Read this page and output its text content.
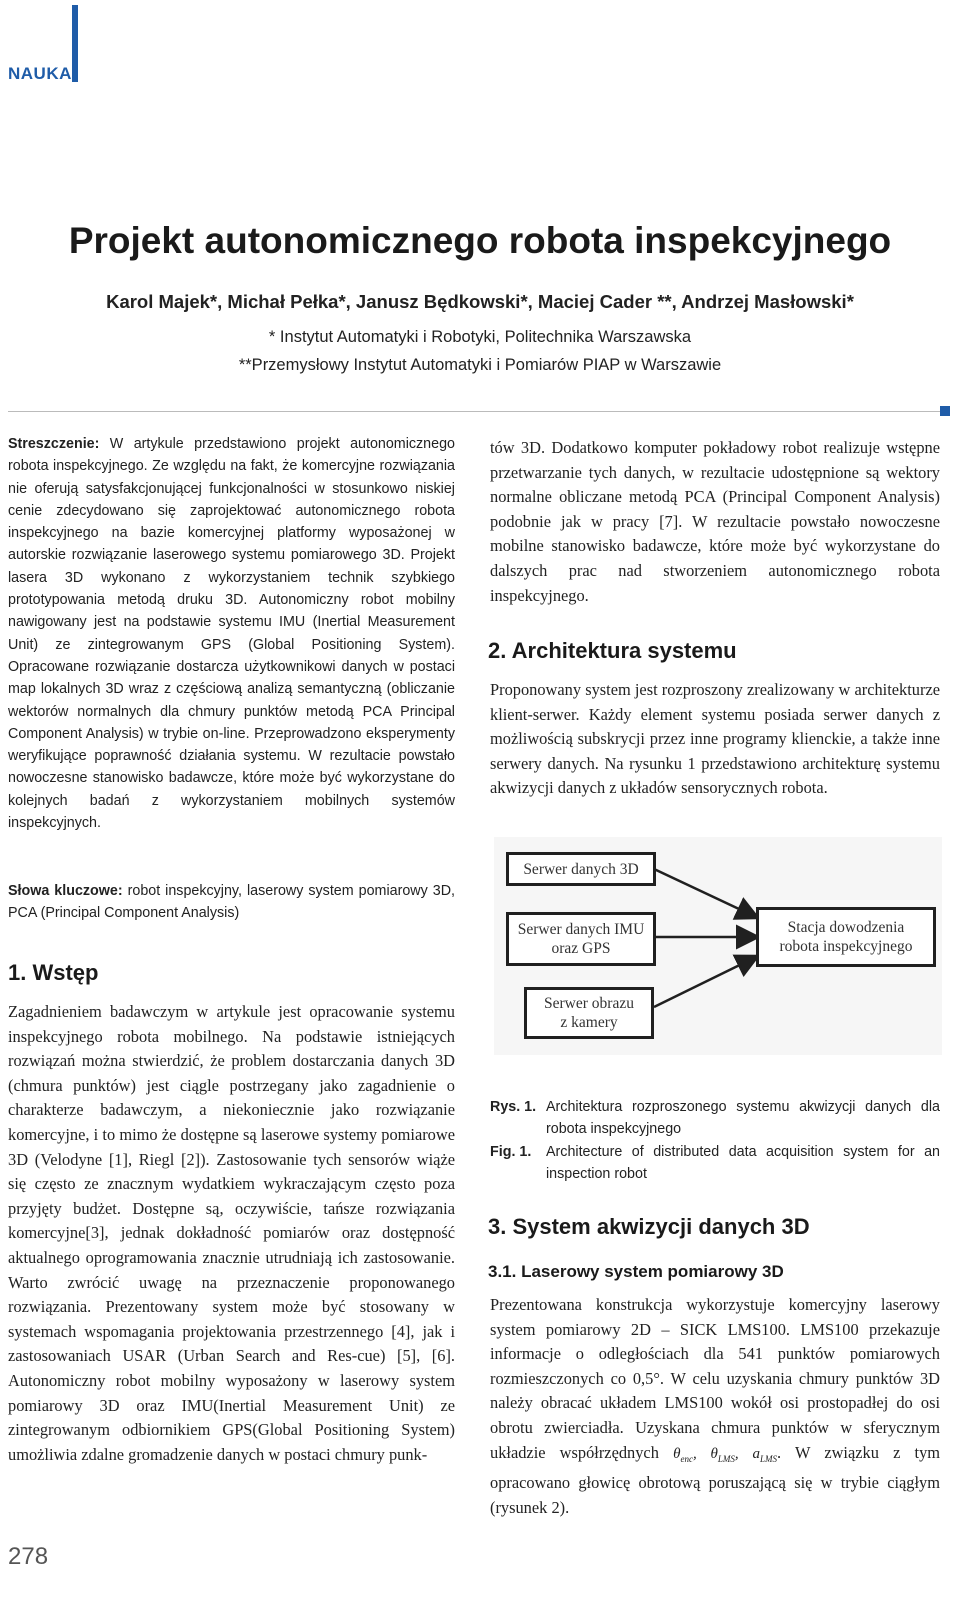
NAUKA
Projekt autonomicznego robota inspekcyjnego
Karol Majek*, Michał Pełka*, Janusz Będkowski*, Maciej Cader **, Andrzej Masłowski*
* Instytut Automatyki i Robotyki, Politechnika Warszawska
**Przemysłowy Instytut Automatyki i Pomiarów PIAP w Warszawie
Streszczenie: W artykule przedstawiono projekt autonomicznego robota inspekcyjnego. Ze względu na fakt, że komercyjne rozwiązania nie oferują satysfakcjonującej funkcjonalności w stosunkowo niskiej cenie zdecydowano się zaprojektować autonomicznego robota inspekcyjnego na bazie komercyjnej platformy wyposażonej w autorskie rozwiązanie laserowego systemu pomiarowego 3D. Projekt lasera 3D wykonano z wykorzystaniem technik szybkiego prototypowania metodą druku 3D. Autonomiczny robot mobilny nawigowany jest na podstawie systemu IMU (Inertial Measurement Unit) ze zintegrowanym GPS (Global Positioning System). Opracowane rozwiązanie dostarcza użytkownikowi danych w postaci map lokalnych 3D wraz z częściową analizą semantyczną (obliczanie wektorów normalnych dla chmury punktów metodą PCA Principal Component Analysis) w trybie on-line. Przeprowadzono eksperymenty weryfikujące poprawność działania systemu. W rezultacie powstało nowoczesne stanowisko badawcze, które może być wykorzystane do kolejnych badań z wykorzystaniem mobilnych systemów inspekcyjnych.
Słowa kluczowe: robot inspekcyjny, laserowy system pomiarowy 3D, PCA (Principal Component Analysis)
1. Wstęp
Zagadnieniem badawczym w artykule jest opracowanie systemu inspekcyjnego robota mobilnego. Na podstawie istniejących rozwiązań można stwierdzić, że problem dostarczania danych 3D (chmura punktów) jest ciągle postrzegany jako zagadnienie o charakterze badawczym, a niekoniecznie jako rozwiązanie komercyjne, i to mimo że dostępne są laserowe systemy pomiarowe 3D (Velodyne [1], Riegl [2]). Zastosowanie tych sensorów wiąże się często ze znacznym wydatkiem wykraczającym często poza przyjęty budżet. Dostępne są, oczywiście, tańsze rozwiązania komercyjne[3], jednak dokładność pomiarów oraz dostępność aktualnego oprogramowania znacznie utrudniają ich zastosowanie. Warto zwrócić uwagę na przeznaczenie proponowanego rozwiązania. Prezentowany system może być stosowany w systemach wspomagania projektowania przestrzennego [4], jak i zastosowaniach USAR (Urban Search and Res-cue) [5], [6]. Autonomiczny robot mobilny wyposażony w laserowy system pomiarowy 3D oraz IMU(Inertial Measurement Unit) ze zintegrowanym odbiornikiem GPS(Global Positioning System) umożliwia zdalne gromadzenie danych w postaci chmury punk-
tów 3D. Dodatkowo komputer pokładowy robot realizuje wstępne przetwarzanie tych danych, w rezultacie udostępnione są wektory normalne obliczane metodą PCA (Principal Component Analysis) podobnie jak w pracy [7]. W rezultacie powstało nowoczesne mobilne stanowisko badawcze, które może być wykorzystane do dalszych prac nad stworzeniem autonomicznego robota inspekcyjnego.
2. Architektura systemu
Proponowany system jest rozproszony zrealizowany w architekturze klient-serwer. Każdy element systemu posiada serwer danych z możliwością subskrycji przez inne programy klienckie, a także inne serwery danych. Na rysunku 1 przedstawiono architekturę systemu akwizycji danych z układów sensorycznych robota.
Serwer danych 3D
Serwer danych IMU
oraz GPS
Serwer obrazu
z kamery
Stacja dowodzenia
robota inspekcyjnego
Rys. 1. Architektura rozproszonego systemu akwizycji danych dla robota inspekcyjnego
Fig. 1.	Architecture of distributed data acquisition system for an inspection robot
3. System akwizycji danych 3D
3.1. Laserowy system pomiarowy 3D
Prezentowana konstrukcja wykorzystuje komercyjny laserowy system pomiarowy 2D – SICK LMS100. LMS100 przekazuje informacje o odległościach dla 541 punktów pomiarowych rozmieszczonych co 0,5°. W celu uzyskania chmury punktów 3D należy obracać układem LMS100 wokół osi prostopadłej do osi obrotu zwierciadła. Uzyskana chmura punktów w sferycznym układzie współrzędnych $\theta_{enc}$, $\theta_{LMS}$, $a_{LMS}$. W związku z tym opracowano głowicę obrotową poruszającą się w trybie ciągłym (rysunek 2).
278
